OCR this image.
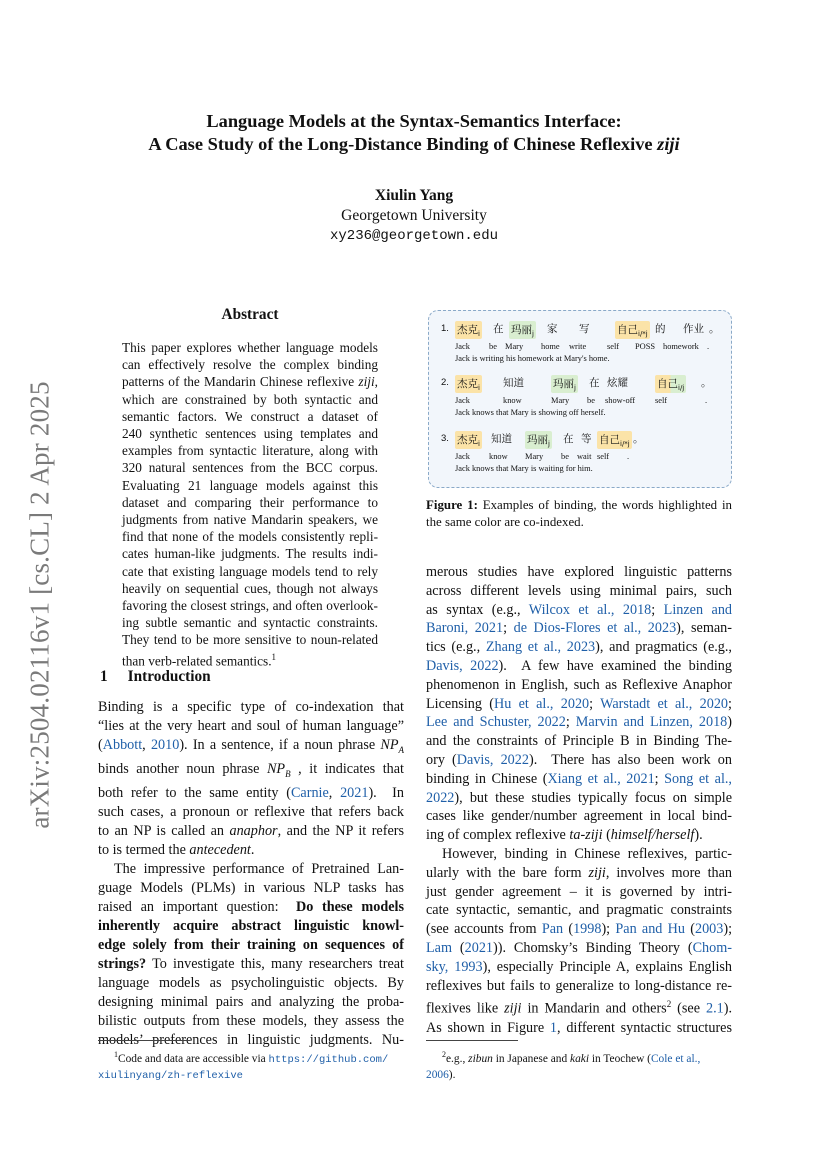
arXiv:2504.02116v1 [cs.CL] 2 Apr 2025
Language Models at the Syntax-Semantics Interface:
A Case Study of the Long-Distance Binding of Chinese Reflexive ziji
Xiulin Yang
Georgetown University
xy236@georgetown.edu
Abstract
This paper explores whether language models
can effectively resolve the complex binding
patterns of the Mandarin Chinese reflexive ziji,
which are constrained by both syntactic and
semantic factors. We construct a dataset of
240 synthetic sentences using templates and
examples from syntactic literature, along with
320 natural sentences from the BCC corpus.
Evaluating 21 language models against this
dataset and comparing their performance to
judgments from native Mandarin speakers, we
find that none of the models consistently repli-
cates human-like judgments. The results indi-
cate that existing language models tend to rely
heavily on sequential cues, though not always
favoring the closest strings, and often overlook-
ing subtle semantic and syntactic constraints.
They tend to be more sensitive to noun-related
than verb-related semantics.$^1$
1 Introduction
Binding is a specific type of co-indexation that
“lies at the very heart and soul of human language”
(Abbott, 2010). In a sentence, if a noun phrase $NP_A$
binds another noun phrase $NP_B$ , it indicates that
both refer to the same entity (Carnie, 2021).  In
such cases, a pronoun or reflexive that refers back
to an NP is called an anaphor, and the NP it refers
to is termed the antecedent.
The impressive performance of Pretrained Lan-
guage Models (PLMs) in various NLP tasks has
raised an important question:  Do these models
inherently acquire abstract linguistic knowl-
edge solely from their training on sequences of
strings? To investigate this, many researchers treat
language models as psycholinguistic objects. By
designing minimal pairs and analyzing the proba-
bilistic outputs from these models, they assess the
models’ preferences in linguistic judgments. Nu-
$^1$Code and data are accessible via https://github.com/
xiulinyang/zh-reflexive
1. 杰克$_i$ 在 玛丽$_j$ 家 写	自己$_{i/*j}$ 的 作业 。
Jack be Mary home write self POSS homework .
Jack is writing his homework at Mary's home.
2. 杰克$_i$ 知道	玛丽$_j$ 在 炫耀	自己$_{i/j}$ 。
Jack	know	Mary be show-off self	.
Jack knows that Mary is showing off herself.
3. 杰克$_i$ 知道 玛丽$_j$ 在 等 自己$_{i/*j}$ 。
Jack know Mary be wait self .
Jack knows that Mary is waiting for him.
Figure 1: Examples of binding, the words highlighted in the same color are co-indexed.
merous studies have explored linguistic patterns
across different levels using minimal pairs, such
as syntax (e.g., Wilcox et al., 2018; Linzen and
Baroni, 2021; de Dios-Flores et al., 2023), seman-
tics (e.g., Zhang et al., 2023), and pragmatics (e.g.,
Davis, 2022).  A few have examined the binding
phenomenon in English, such as Reflexive Anaphor
Licensing (Hu et al., 2020; Warstadt et al., 2020;
Lee and Schuster, 2022; Marvin and Linzen, 2018)
and the constraints of Principle B in Binding The-
ory (Davis, 2022).  There has also been work on
binding in Chinese (Xiang et al., 2021; Song et al.,
2022), but these studies typically focus on simple
cases like gender/number agreement in local bind-
ing of complex reflexive ta-ziji (himself/herself).
However, binding in Chinese reflexives, partic-
ularly with the bare form ziji, involves more than
just gender agreement – it is governed by intri-
cate syntactic, semantic, and pragmatic constraints
(see accounts from Pan (1998); Pan and Hu (2003);
Lam (2021)). Chomsky’s Binding Theory (Chom-
sky, 1993), especially Principle A, explains English
reflexives but fails to generalize to long-distance re-
flexives like ziji in Mandarin and others$^2$ (see 2.1).
As shown in Figure 1, different syntactic structures
$^2$e.g., zibun in Japanese and kaki in Teochew (Cole et al.,
2006).
